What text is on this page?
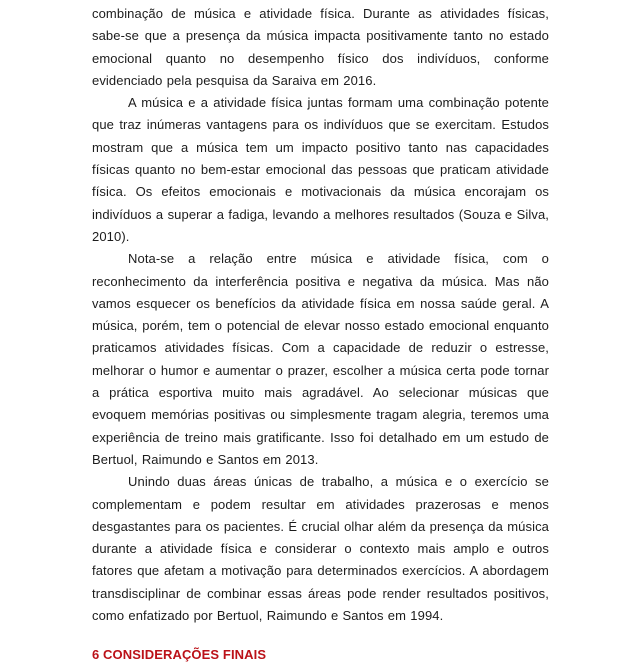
combinação de música e atividade física. Durante as atividades físicas, sabe-se que a presença da música impacta positivamente tanto no estado emocional quanto no desempenho físico dos indivíduos, conforme evidenciado pela pesquisa da Saraiva em 2016.

A música e a atividade física juntas formam uma combinação potente que traz inúmeras vantagens para os indivíduos que se exercitam. Estudos mostram que a música tem um impacto positivo tanto nas capacidades físicas quanto no bem-estar emocional das pessoas que praticam atividade física. Os efeitos emocionais e motivacionais da música encorajam os indivíduos a superar a fadiga, levando a melhores resultados (Souza e Silva, 2010).

Nota-se a relação entre música e atividade física, com o reconhecimento da interferência positiva e negativa da música. Mas não vamos esquecer os benefícios da atividade física em nossa saúde geral. A música, porém, tem o potencial de elevar nosso estado emocional enquanto praticamos atividades físicas. Com a capacidade de reduzir o estresse, melhorar o humor e aumentar o prazer, escolher a música certa pode tornar a prática esportiva muito mais agradável. Ao selecionar músicas que evoquem memórias positivas ou simplesmente tragam alegria, teremos uma experiência de treino mais gratificante. Isso foi detalhado em um estudo de Bertuol, Raimundo e Santos em 2013.

Unindo duas áreas únicas de trabalho, a música e o exercício se complementam e podem resultar em atividades prazerosas e menos desgastantes para os pacientes. É crucial olhar além da presença da música durante a atividade física e considerar o contexto mais amplo e outros fatores que afetam a motivação para determinados exercícios. A abordagem transdisciplinar de combinar essas áreas pode render resultados positivos, como enfatizado por Bertuol, Raimundo e Santos em 1994.

6 CONSIDERAÇÕES FINAIS
